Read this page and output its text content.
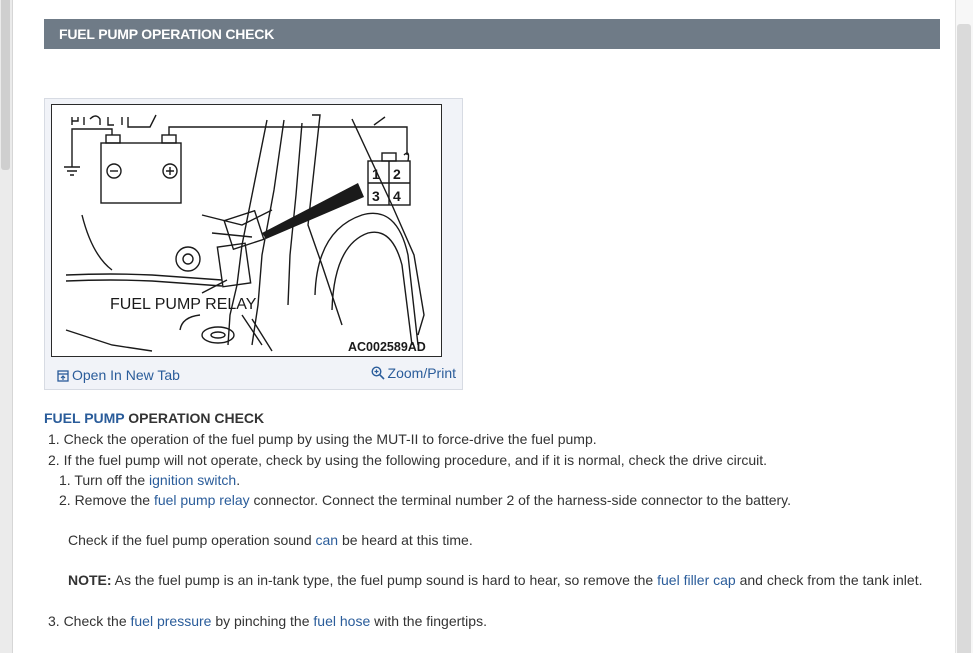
FUEL PUMP OPERATION CHECK
1 2
3 4
FUEL PUMP RELAY
AC002589AD
Open In New Tab	Zoom/Print
FUEL PUMP OPERATION CHECK
1. Check the operation of the fuel pump by using the MUT-II to force-drive the fuel pump.
2. If the fuel pump will not operate, check by using the following procedure, and if it is normal, check the drive circuit.
1. Turn off the ignition switch.
2. Remove the fuel pump relay connector. Connect the terminal number 2 of the harness-side connector to the battery.
Check if the fuel pump operation sound can be heard at this time.
NOTE: As the fuel pump is an in-tank type, the fuel pump sound is hard to hear, so remove the fuel filler cap and check from the tank inlet.
3. Check the fuel pressure by pinching the fuel hose with the fingertips.
